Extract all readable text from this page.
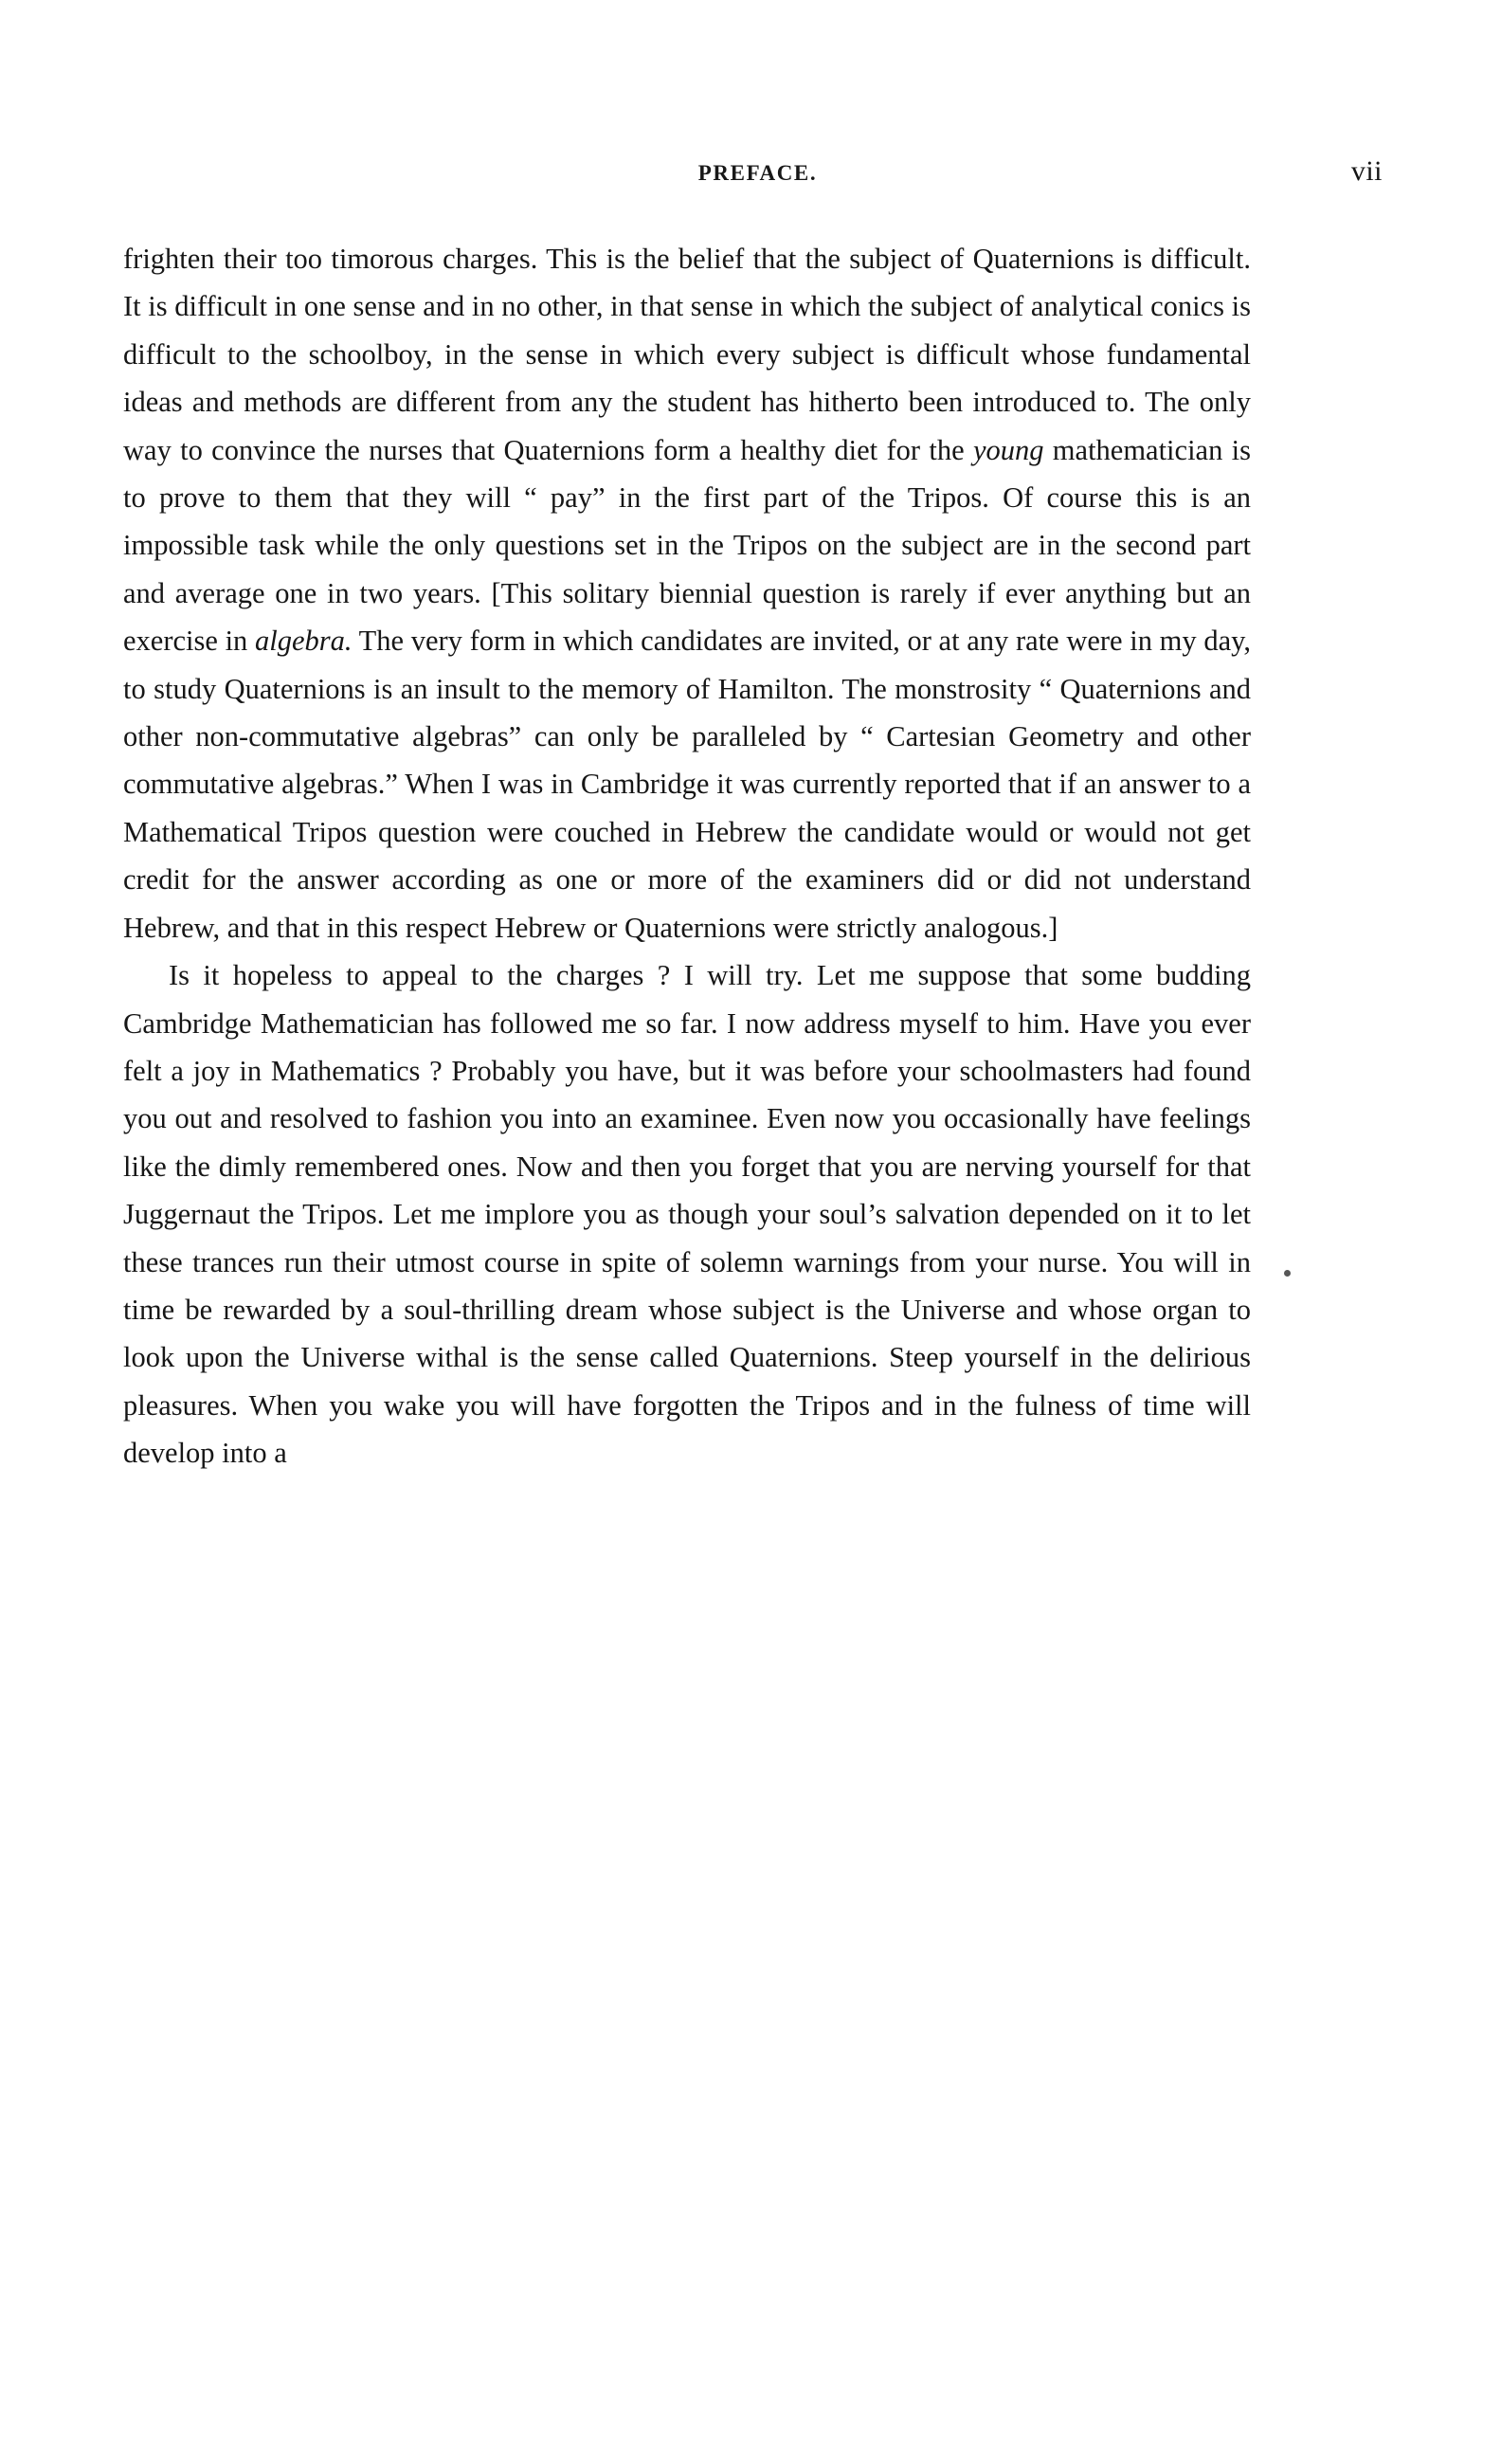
PREFACE.	vii

frighten their too timorous charges. This is the belief that the subject of Quaternions is difficult. It is difficult in one sense and in no other, in that sense in which the subject of analytical conics is difficult to the schoolboy, in the sense in which every subject is difficult whose fundamental ideas and methods are different from any the student has hitherto been introduced to. The only way to convince the nurses that Quaternions form a healthy diet for the young mathematician is to prove to them that they will “ pay” in the first part of the Tripos. Of course this is an impossible task while the only questions set in the Tripos on the subject are in the second part and average one in two years. [This solitary biennial question is rarely if ever anything but an exercise in algebra. The very form in which candidates are invited, or at any rate were in my day, to study Quaternions is an insult to the memory of Hamilton. The monstrosity “ Quaternions and other non-commutative algebras” can only be paralleled by “ Cartesian Geometry and other commutative algebras.” When I was in Cambridge it was currently reported that if an answer to a Mathematical Tripos question were couched in Hebrew the candidate would or would not get credit for the answer according as one or more of the examiners did or did not understand Hebrew, and that in this respect Hebrew or Quaternions were strictly analogous.]

Is it hopeless to appeal to the charges ? I will try. Let me suppose that some budding Cambridge Mathematician has followed me so far. I now address myself to him. Have you ever felt a joy in Mathematics ? Probably you have, but it was before your schoolmasters had found you out and resolved to fashion you into an examinee. Even now you occasionally have feelings like the dimly remembered ones. Now and then you forget that you are nerving yourself for that Juggernaut the Tripos. Let me implore you as though your soul’s salvation depended on it to let these trances run their utmost course in spite of solemn warnings from your nurse. You will in time be rewarded by a soul-thrilling dream whose subject is the Universe and whose organ to look upon the Universe withal is the sense called Quaternions. Steep yourself in the delirious pleasures. When you wake you will have forgotten the Tripos and in the fulness of time will develop into a
